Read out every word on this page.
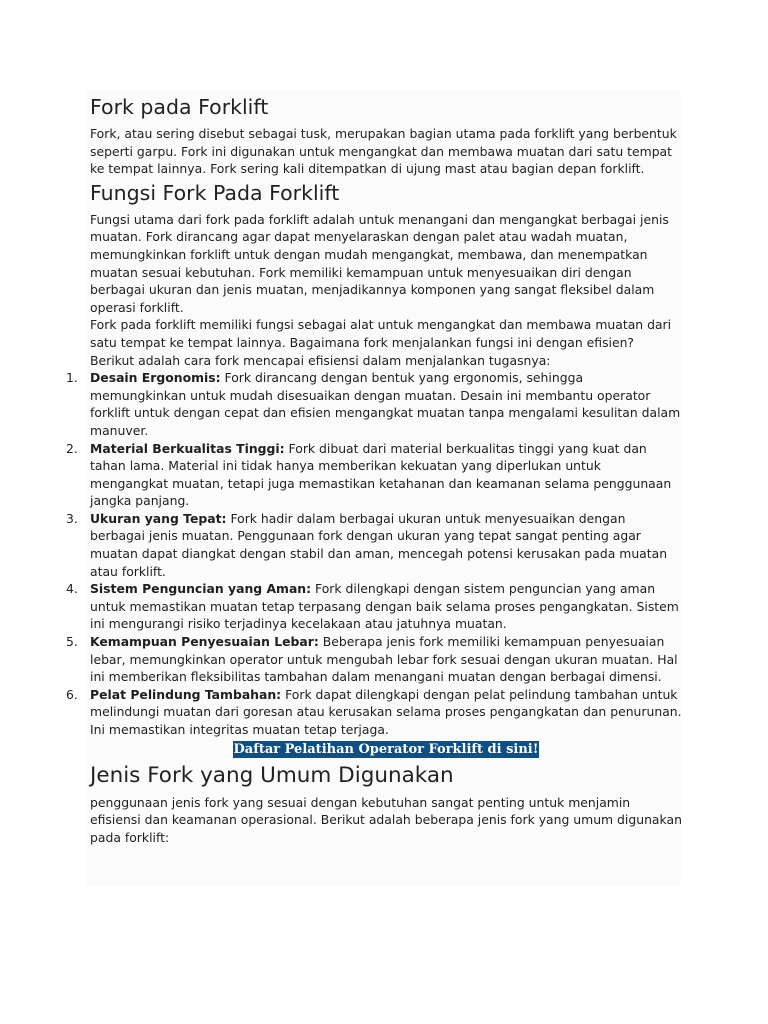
Fork pada Forklift

Fork, atau sering disebut sebagai tusk, merupakan bagian utama pada forklift yang berbentuk seperti garpu. Fork ini digunakan untuk mengangkat dan membawa muatan dari satu tempat ke tempat lainnya. Fork sering kali ditempatkan di ujung mast atau bagian depan forklift.

Fungsi Fork Pada Forklift

Fungsi utama dari fork pada forklift adalah untuk menangani dan mengangkat berbagai jenis muatan. Fork dirancang agar dapat menyelaraskan dengan palet atau wadah muatan, memungkinkan forklift untuk dengan mudah mengangkat, membawa, dan menempatkan muatan sesuai kebutuhan. Fork memiliki kemampuan untuk menyesuaikan diri dengan berbagai ukuran dan jenis muatan, menjadikannya komponen yang sangat fleksibel dalam operasi forklift.

Fork pada forklift memiliki fungsi sebagai alat untuk mengangkat dan membawa muatan dari satu tempat ke tempat lainnya. Bagaimana fork menjalankan fungsi ini dengan efisien? Berikut adalah cara fork mencapai efisiensi dalam menjalankan tugasnya:

1. Desain Ergonomis: Fork dirancang dengan bentuk yang ergonomis, sehingga memungkinkan untuk mudah disesuaikan dengan muatan. Desain ini membantu operator forklift untuk dengan cepat dan efisien mengangkat muatan tanpa mengalami kesulitan dalam manuver.
2. Material Berkualitas Tinggi: Fork dibuat dari material berkualitas tinggi yang kuat dan tahan lama. Material ini tidak hanya memberikan kekuatan yang diperlukan untuk mengangkat muatan, tetapi juga memastikan ketahanan dan keamanan selama penggunaan jangka panjang.
3. Ukuran yang Tepat: Fork hadir dalam berbagai ukuran untuk menyesuaikan dengan berbagai jenis muatan. Penggunaan fork dengan ukuran yang tepat sangat penting agar muatan dapat diangkat dengan stabil dan aman, mencegah potensi kerusakan pada muatan atau forklift.
4. Sistem Penguncian yang Aman: Fork dilengkapi dengan sistem penguncian yang aman untuk memastikan muatan tetap terpasang dengan baik selama proses pengangkatan. Sistem ini mengurangi risiko terjadinya kecelakaan atau jatuhnya muatan.
5. Kemampuan Penyesuaian Lebar: Beberapa jenis fork memiliki kemampuan penyesuaian lebar, memungkinkan operator untuk mengubah lebar fork sesuai dengan ukuran muatan. Hal ini memberikan fleksibilitas tambahan dalam menangani muatan dengan berbagai dimensi.
6. Pelat Pelindung Tambahan: Fork dapat dilengkapi dengan pelat pelindung tambahan untuk melindungi muatan dari goresan atau kerusakan selama proses pengangkatan dan penurunan. Ini memastikan integritas muatan tetap terjaga.
Daftar Pelatihan Operator Forklift di sini!
Jenis Fork yang Umum Digunakan

penggunaan jenis fork yang sesuai dengan kebutuhan sangat penting untuk menjamin efisiensi dan keamanan operasional. Berikut adalah beberapa jenis fork yang umum digunakan pada forklift:
